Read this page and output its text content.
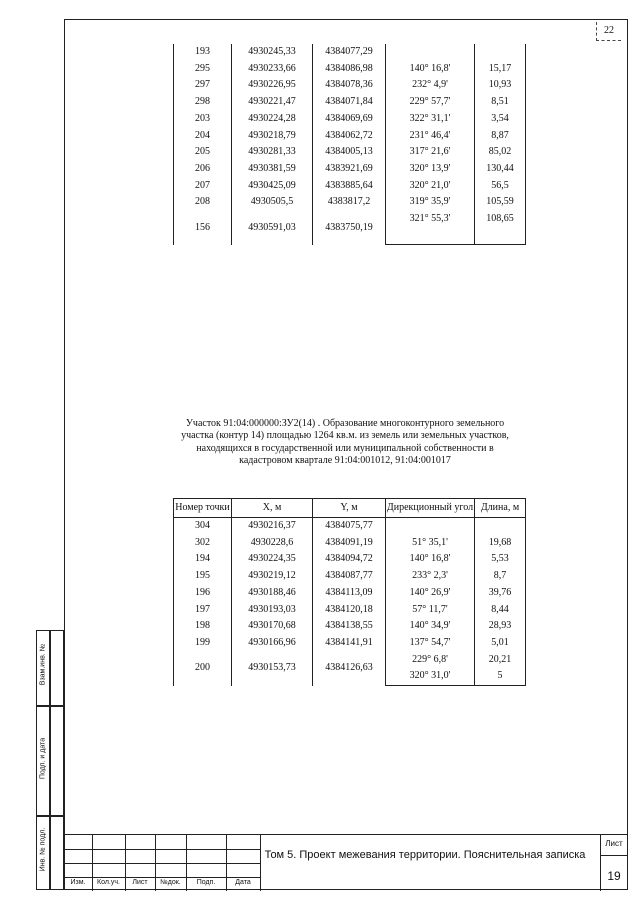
22
193	4930245,33	4384077,29		
			140° 16,8'	15,17
295	4930233,66	4384086,98		
			232° 4,9'	10,93
297	4930226,95	4384078,36		
			229° 57,7'	8,51
298	4930221,47	4384071,84		
			322° 31,1'	3,54
203	4930224,28	4384069,69		
			231° 46,4'	8,87
204	4930218,79	4384062,72		
			317° 21,6'	85,02
205	4930281,33	4384005,13		
			320° 13,9'	130,44
206	4930381,59	4383921,69		
			320° 21,0'	56,5
207	4930425,09	4383885,64		
			319° 35,9'	105,59
208	4930505,5	4383817,2		
			321° 55,3'	108,65
156	4930591,03	4383750,19		

Участок 91:04:000000:ЗУ2(14) . Образование многоконтурного земельного участка (контур 14) площадью 1264 кв.м. из земель или земельных участков, находящихся в государственной или муниципальной собственности в кадастровом квартале 91:04:001012, 91:04:001017
Номер точки	X, м	Y, м	Дирекционный угол	Длина, м
304	4930216,37	4384075,77		
			51° 35,1'	19,68
302	4930228,6	4384091,19		
			140° 16,8'	5,53
194	4930224,35	4384094,72		
			233° 2,3'	8,7
195	4930219,12	4384087,77		
			140° 26,9'	39,76
196	4930188,46	4384113,09		
			57° 11,7'	8,44
197	4930193,03	4384120,18		
			140° 34,9'	28,93
198	4930170,68	4384138,55		
			137° 54,7'	5,01
199	4930166,96	4384141,91		
			229° 6,8'	20,21
200	4930153,73	4384126,63		
			320° 31,0'	5
Взам.инв. №
Подп. и дата
Инв. № подл.
Изм.	Кол.уч.	Лист	№док.	Подп.	Дата
Том 5. Проект межевания территории. Пояснительная записка
Лист
19
